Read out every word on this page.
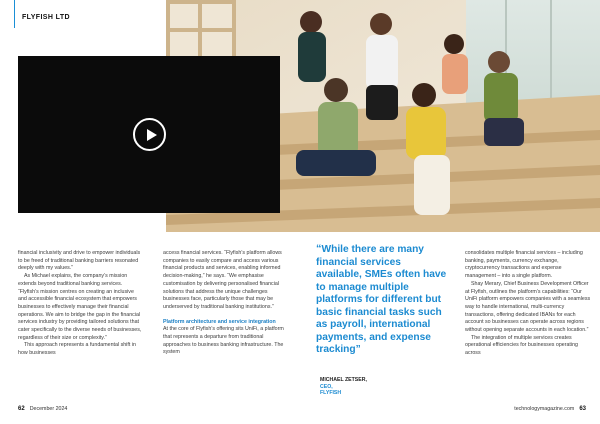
FLYFISH LTD

financial inclusivity and drive to empower individuals to be freed of traditional banking barriers resonated deeply with my values.”

As Michael explains, the company’s mission extends beyond traditional banking services. “Flyfish’s mission centres on creating an inclusive and accessible financial ecosystem that empowers businesses to effectively manage their financial operations. We aim to bridge the gap in the financial services industry by providing tailored solutions that cater specifically to the diverse needs of businesses, regardless of their size or complexity.”

This approach represents a fundamental shift in how businesses

access financial services. “Flyfish’s platform allows companies to easily compare and access various financial products and services, enabling informed decision-making,” he says. “We emphasise customisation by delivering personalised financial solutions that address the unique challenges businesses face, particularly those that may be underserved by traditional banking institutions.”

Platform architecture and service integration

At the core of Flyfish’s offering sits UniFi, a platform that represents a departure from traditional approaches to business banking infrastructure. The system

“While there are many financial services available, SMEs often have to manage multiple platforms for different but basic financial tasks such as payroll, international payments, and expense tracking”
MICHAEL ZETSER,
CEO,
FLYFISH

consolidates multiple financial services – including banking, payments, currency exchange, cryptocurrency transactions and expense management – into a single platform.

Shay Merary, Chief Business Development Officer at Flyfish, outlines the platform’s capabilities: “Our UniFi platform empowers companies with a seamless way to handle international, multi-currency transactions, offering dedicated IBANs for each account so businesses can operate across regions without opening separate accounts in each location.”

The integration of multiple services creates operational efficiencies for businesses operating across

62 December 2024	technologymagazine.com 63
